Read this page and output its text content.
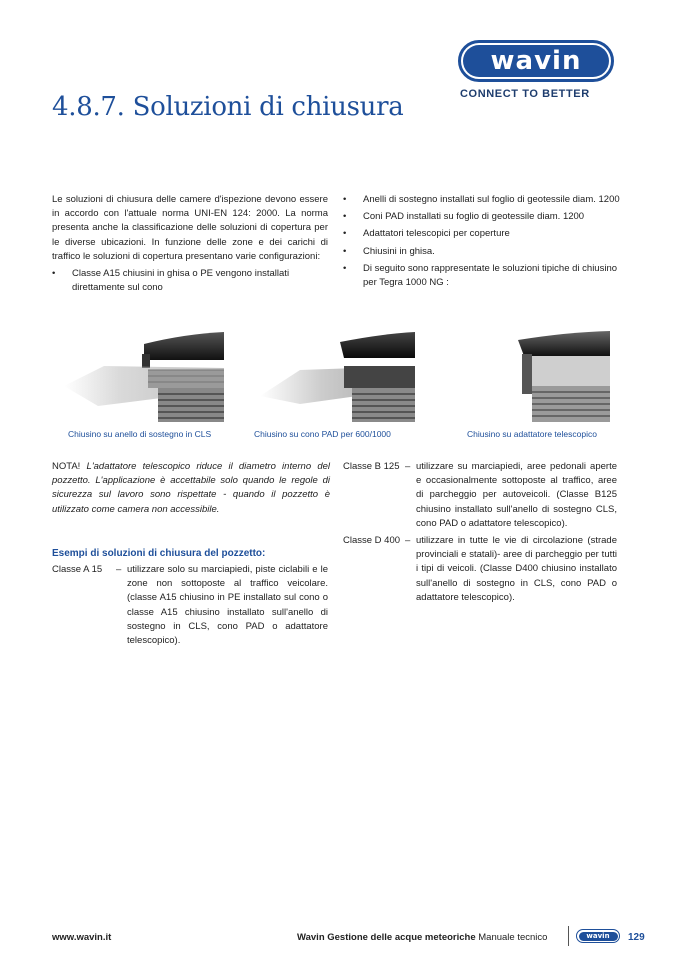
wavin
CONNECT TO BETTER
4.8.7. Soluzioni di chiusura
Le soluzioni di chiusura delle camere d'ispezione devono essere in accordo con l'attuale norma UNI-EN 124: 2000. La norma presenta anche la classificazione delle soluzioni di copertura per le diverse ubicazioni. In funzione delle zone e dei carichi di traffico le soluzioni di copertura presentano varie configurazioni:
• Classe A15 chiusini in ghisa o PE vengono installati direttamente sul cono
• Anelli di sostegno installati sul foglio di geotessile diam. 1200
• Coni PAD installati su foglio di geotessile diam. 1200
• Adattatori telescopici per coperture
• Chiusini in ghisa.
• Di seguito sono rappresentate le soluzioni tipiche di chiusino per Tegra 1000 NG :
Chiusino su anello di sostegno in CLS	Chiusino su cono PAD per 600/1000	Chiusino su adattatore telescopico
NOTA! L'adattatore telescopico riduce il diametro interno del pozzetto. L'applicazione è accettabile solo quando le regole di sicurezza sul lavoro sono rispettate - quando il pozzetto è utilizzato come camera non accessibile.
Esempi di soluzioni di chiusura del pozzetto:
Classe A 15 – utilizzare solo su marciapiedi, piste ciclabili e le zone non sottoposte al traffico veicolare. (classe A15 chiusino in PE installato sul cono o classe A15 chiusino installato sull'anello di sostegno in CLS, cono PAD o adattatore telescopico).
Classe B 125 – utilizzare su marciapiedi, aree pedonali aperte e occasionalmente sottoposte al traffico, aree di parcheggio per autoveicoli. (Classe B125 chiusino installato sull'anello di sostegno CLS, cono PAD o adattatore telescopico).
Classe D 400 – utilizzare in tutte le vie di circolazione (strade provinciali e statali)- aree di parcheggio per tutti i tipi di veicoli. (Classe D400 chiusino installato sull'anello di sostegno in CLS, cono PAD o adattatore telescopico).
www.wavin.it	Wavin Gestione delle acque meteoriche Manuale tecnico	wavin	129
